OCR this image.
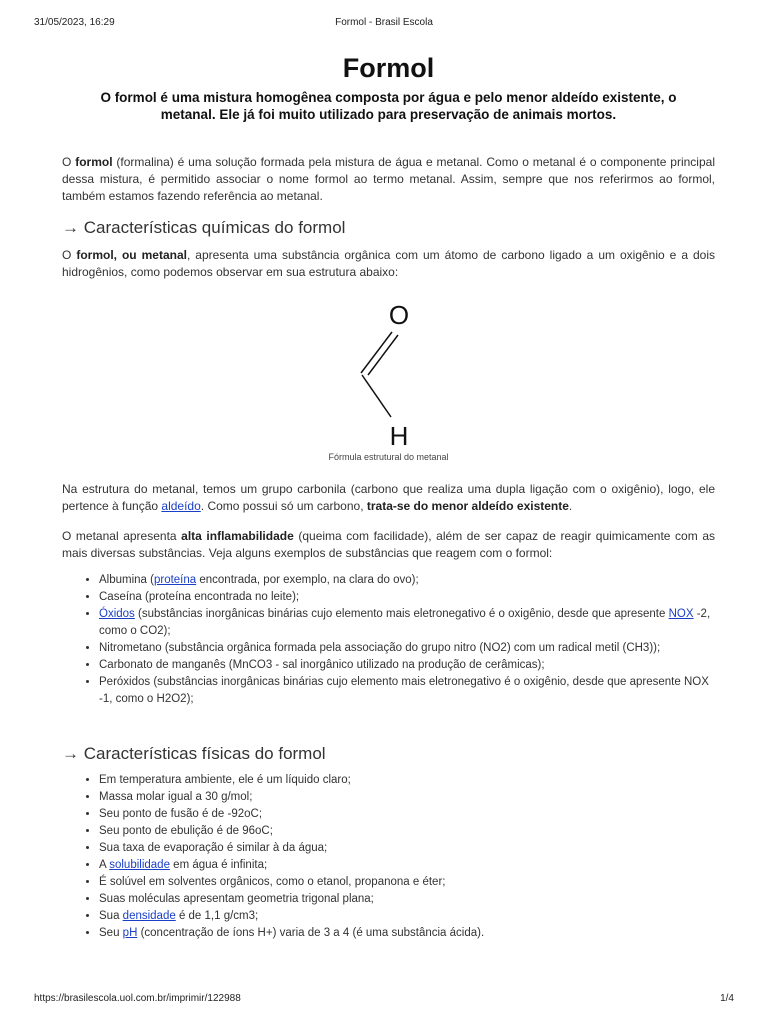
31/05/2023, 16:29	Formol - Brasil Escola
Formol
O formol é uma mistura homogênea composta por água e pelo menor aldeído existente, o metanal. Ele já foi muito utilizado para preservação de animais mortos.

O formol (formalina) é uma solução formada pela mistura de água e metanal. Como o metanal é o componente principal dessa mistura, é permitido associar o nome formol ao termo metanal. Assim, sempre que nos referirmos ao formol, também estamos fazendo referência ao metanal.

→ Características químicas do formol

O formol, ou metanal, apresenta uma substância orgânica com um átomo de carbono ligado a um oxigênio e a dois hidrogênios, como podemos observar em sua estrutura abaixo:

O
H
Fórmula estrutural do metanal

Na estrutura do metanal, temos um grupo carbonila (carbono que realiza uma dupla ligação com o oxigênio), logo, ele pertence à função aldeído. Como possui só um carbono, trata-se do menor aldeído existente.

O metanal apresenta alta inflamabilidade (queima com facilidade), além de ser capaz de reagir quimicamente com as mais diversas substâncias. Veja alguns exemplos de substâncias que reagem com o formol:

• Albumina (proteína encontrada, por exemplo, na clara do ovo);
• Caseína (proteína encontrada no leite);
• Óxidos (substâncias inorgânicas binárias cujo elemento mais eletronegativo é o oxigênio, desde que apresente NOX -2, como o CO2);
• Nitrometano (substância orgânica formada pela associação do grupo nitro (NO2) com um radical metil (CH3));
• Carbonato de manganês (MnCO3 - sal inorgânico utilizado na produção de cerâmicas);
• Peróxidos (substâncias inorgânicas binárias cujo elemento mais eletronegativo é o oxigênio, desde que apresente NOX -1, como o H2O2);
→ Características físicas do formol
• Em temperatura ambiente, ele é um líquido claro;
• Massa molar igual a 30 g/mol;
• Seu ponto de fusão é de -92oC;
• Seu ponto de ebulição é de 96oC;
• Sua taxa de evaporação é similar à da água;
• A solubilidade em água é infinita;
• É solúvel em solventes orgânicos, como o etanol, propanona e éter;
• Suas moléculas apresentam geometria trigonal plana;
• Sua densidade é de 1,1 g/cm3;
• Seu pH (concentração de íons H+) varia de 3 a 4 (é uma substância ácida).
https://brasilescola.uol.com.br/imprimir/122988	1/4
